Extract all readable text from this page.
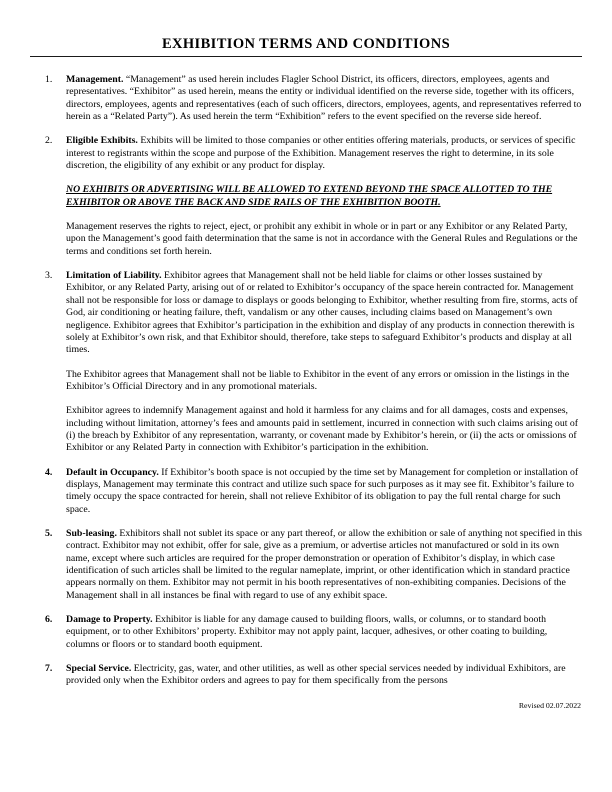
EXHIBITION TERMS AND CONDITIONS
1.	Management. “Management” as used herein includes Flagler School District, its officers, directors, employees, agents and representatives. “Exhibitor” as used herein, means the entity or individual identified on the reverse side, together with its officers, directors, employees, agents and representatives (each of such officers, directors, employees, agents, and representatives referred to herein as a “Related Party”). As used herein the term “Exhibition” refers to the event specified on the reverse side hereof.

2.	Eligible Exhibits. Exhibits will be limited to those companies or other entities offering materials, products, or services of specific interest to registrants within the scope and purpose of the Exhibition. Management reserves the right to determine, in its sole discretion, the eligibility of any exhibit or any product for display.

NO EXHIBITS OR ADVERTISING WILL BE ALLOWED TO EXTEND BEYOND THE SPACE ALLOTTED TO THE EXHIBITOR OR ABOVE THE BACK AND SIDE RAILS OF THE EXHIBITION BOOTH.

Management reserves the rights to reject, eject, or prohibit any exhibit in whole or in part or any Exhibitor or any Related Party, upon the Management’s good faith determination that the same is not in accordance with the General Rules and Regulations or the terms and conditions set forth herein.

3.	Limitation of Liability. Exhibitor agrees that Management shall not be held liable for claims or other losses sustained by Exhibitor, or any Related Party, arising out of or related to Exhibitor’s occupancy of the space herein contracted for. Management shall not be responsible for loss or damage to displays or goods belonging to Exhibitor, whether resulting from fire, storms, acts of God, air conditioning or heating failure, theft, vandalism or any other causes, including claims based on Management’s own negligence. Exhibitor agrees that Exhibitor’s participation in the exhibition and display of any products in connection therewith is solely at Exhibitor’s own risk, and that Exhibitor should, therefore, take steps to safeguard Exhibitor’s products and display at all times.

The Exhibitor agrees that Management shall not be liable to Exhibitor in the event of any errors or omission in the listings in the Exhibitor’s Official Directory and in any promotional materials.

Exhibitor agrees to indemnify Management against and hold it harmless for any claims and for all damages, costs and expenses, including without limitation, attorney’s fees and amounts paid in settlement, incurred in connection with such claims arising out of (i) the breach by Exhibitor of any representation, warranty, or covenant made by Exhibitor’s herein, or (ii) the acts or omissions of Exhibitor or any Related Party in connection with Exhibitor’s participation in the exhibition.

4.	Default in Occupancy. If Exhibitor’s booth space is not occupied by the time set by Management for completion or installation of displays, Management may terminate this contract and utilize such space for such purposes as it may see fit. Exhibitor’s failure to timely occupy the space contracted for herein, shall not relieve Exhibitor of its obligation to pay the full rental charge for such space.

5.	Sub-leasing. Exhibitors shall not sublet its space or any part thereof, or allow the exhibition or sale of anything not specified in this contract. Exhibitor may not exhibit, offer for sale, give as a premium, or advertise articles not manufactured or sold in its own name, except where such articles are required for the proper demonstration or operation of Exhibitor’s display, in which case identification of such articles shall be limited to the regular nameplate, imprint, or other identification which in standard practice appears normally on them. Exhibitor may not permit in his booth representatives of non-exhibiting companies. Decisions of the Management shall in all instances be final with regard to use of any exhibit space.

6.	Damage to Property. Exhibitor is liable for any damage caused to building floors, walls, or columns, or to standard booth equipment, or to other Exhibitors’ property. Exhibitor may not apply paint, lacquer, adhesives, or other coating to building, columns or floors or to standard booth equipment.

7.	Special Service. Electricity, gas, water, and other utilities, as well as other special services needed by individual Exhibitors, are provided only when the Exhibitor orders and agrees to pay for them specifically from the persons

Revised 02.07.2022
